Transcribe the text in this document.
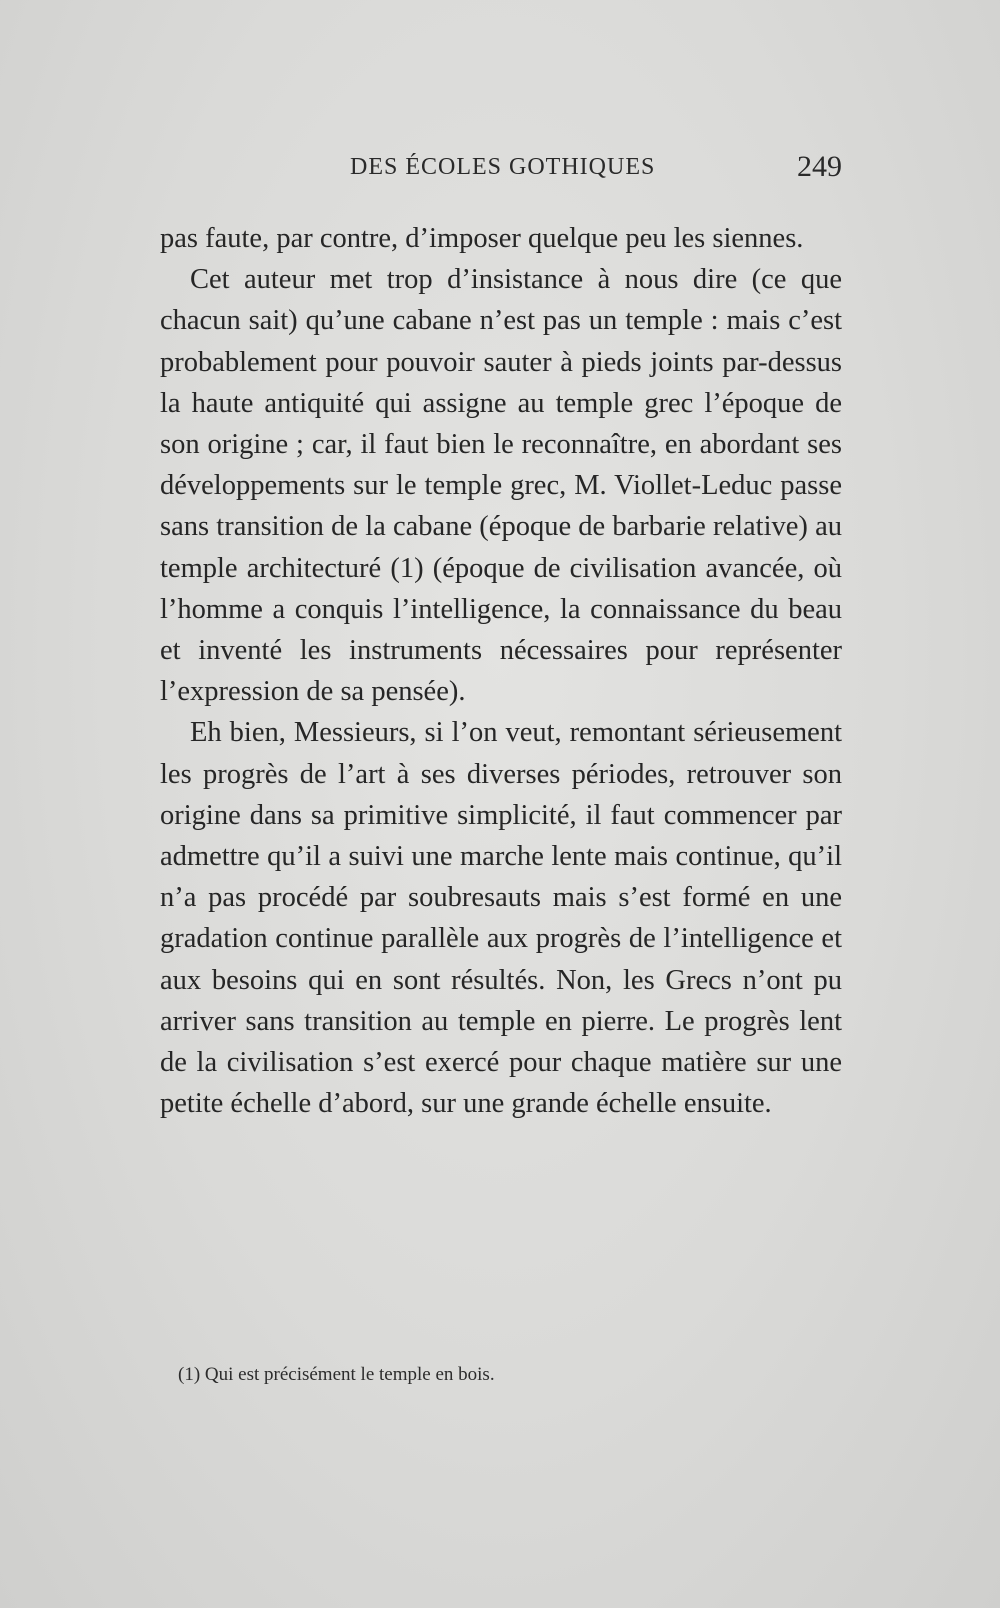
DES ÉCOLES GOTHIQUES	249

pas faute, par contre, d’imposer quelque peu les siennes.

Cet auteur met trop d’insistance à nous dire (ce que chacun sait) qu’une cabane n’est pas un temple : mais c’est probablement pour pouvoir sauter à pieds joints par-dessus la haute antiquité qui assigne au temple grec l’époque de son origine ; car, il faut bien le reconnaître, en abordant ses développements sur le temple grec, M. Viollet-Leduc passe sans transition de la cabane (époque de barbarie relative) au temple architecturé (1) (époque de civilisation avancée, où l’homme a conquis l’intelligence, la connaissance du beau et inventé les instruments nécessaires pour représenter l’expression de sa pensée).

Eh bien, Messieurs, si l’on veut, remontant sérieusement les progrès de l’art à ses diverses périodes, retrouver son origine dans sa primitive simplicité, il faut commencer par admettre qu’il a suivi une marche lente mais continue, qu’il n’a pas procédé par soubresauts mais s’est formé en une gradation continue parallèle aux progrès de l’intelligence et aux besoins qui en sont résultés. Non, les Grecs n’ont pu arriver sans transition au temple en pierre. Le progrès lent de la civilisation s’est exercé pour chaque matière sur une petite échelle d’abord, sur une grande échelle ensuite.

(1) Qui est précisément le temple en bois.
